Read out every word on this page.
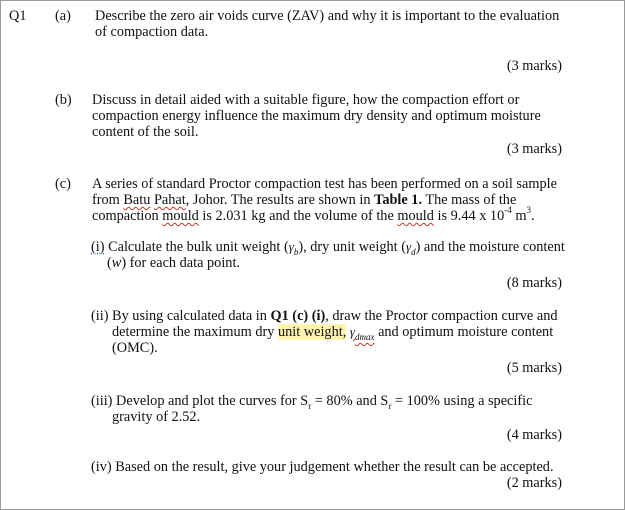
Q1 (a) Describe the zero air voids curve (ZAV) and why it is important to the evaluation
of compaction data.
(3 marks)
(b) Discuss in detail aided with a suitable figure, how the compaction effort or
compaction energy influence the maximum dry density and optimum moisture
content of the soil.
(3 marks)
(c) A series of standard Proctor compaction test has been performed on a soil sample
from Batu Pahat, Johor. The results are shown in Table 1. The mass of the
compaction mould is 2.031 kg and the volume of the mould is 9.44 x $10^{-4}$ $m^3$.
(i) Calculate the bulk unit weight $(\gamma_b)$, dry unit weight $(\gamma_d)$ and the moisture content
(w) for each data point.
(8 marks)
(ii) By using calculated data in Q1 (c) (i), draw the Proctor compaction curve and
determine the maximum dry unit weight, $\gamma_{dmax}$ and optimum moisture content
(OMC).
(5 marks)
(iii) Develop and plot the curves for $S_r = 80\%$ and $S_r = 100\%$ using a specific
gravity of 2.52.
(4 marks)
(iv) Based on the result, give your judgement whether the result can be accepted.
(2 marks)
